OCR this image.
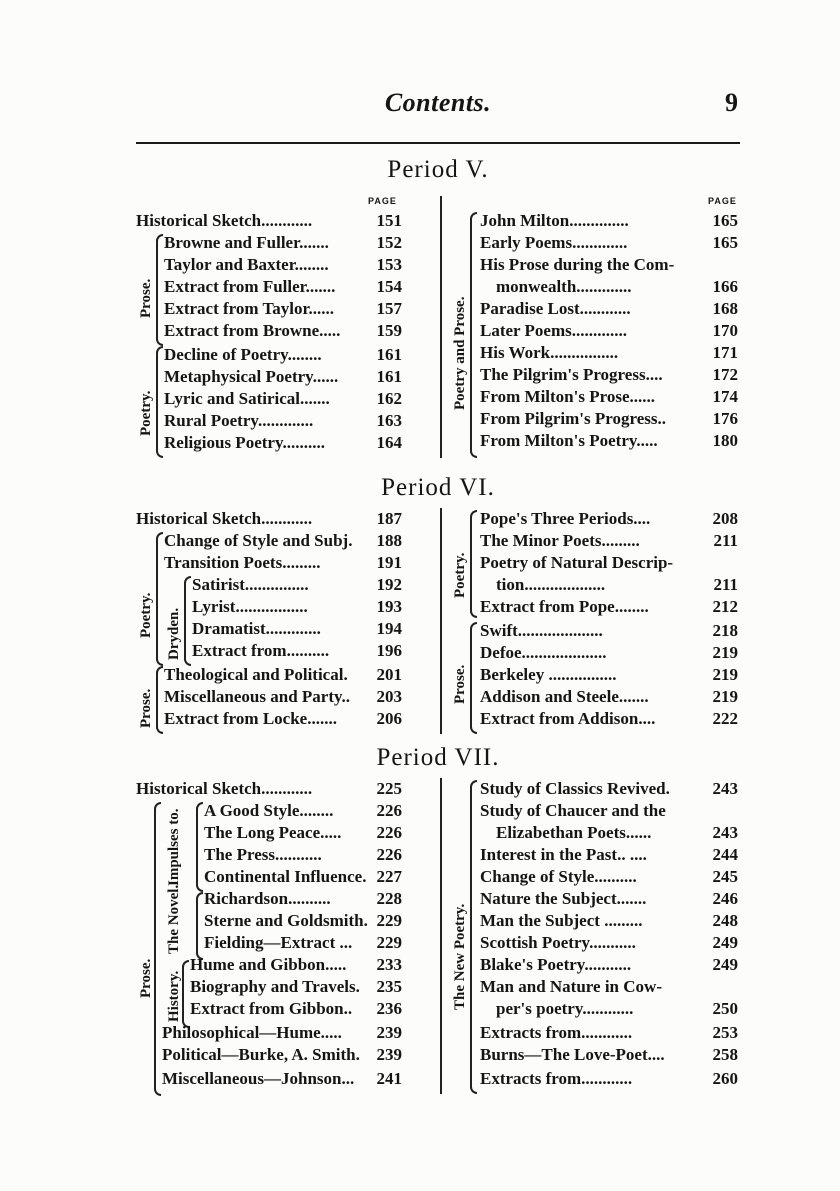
Contents.	9
Period V.
PAGE	PAGE
Historical Sketch............	151
Prose.
Browne and Fuller.......	152
Taylor and Baxter........	153
Extract from Fuller....... 154
Extract from Taylor......	157
Extract from Browne..... 159
Poetry.
Decline of Poetry........	161
Metaphysical Poetry...... 161
Lyric and Satirical.......	162
Rural Poetry.............	163
Religious Poetry..........	164
Poetry and Prose.
John Milton..............	165
Early Poems.............	165
His Prose during the Com-
monwealth.............	166
Paradise Lost............	168
Later Poems.............	170
His Work................	171
The Pilgrim's Progress....	172
From Milton's Prose......	174
From Pilgrim's Progress..	176
From Milton's Poetry.....	180
Period VI.
Historical Sketch............	187
Poetry.
Change of Style and Subj. 188
Transition Poets.........	191
Dryden.
Satirist...............	192
Lyrist.................	193
Dramatist.............	194
Extract from..........	196
Prose.
Theological and Political. 201
Miscellaneous and Party.. 203
Extract from Locke....... 206
Poetry.
Pope's Three Periods....	208
The Minor Poets.........	211
Poetry of Natural Descrip-
tion...................	211
Extract from Pope........	212
Prose.
Swift....................	218
Defoe....................	219
Berkeley ................	219
Addison and Steele.......	219
Extract from Addison....	222
Period VII.
Historical Sketch............	225
Prose.
Impulses to. A Good Style........	226
The Long Peace..... 226
The Press...........	226
Continental Influence. 227
The Novel. Richardson..........	228
Sterne and Goldsmith. 229
Fielding—Extract ... 229
History.
Hume and Gibbon..... 233
Biography and Travels. 235
Extract from Gibbon.. 236
Philosophical—Hume..... 239
Political—Burke, A. Smith. 239
Miscellaneous—Johnson... 241
The New Poetry.
Study of Classics Revived.	243
Study of Chaucer and the
Elizabethan Poets......	243
Interest in the Past.. ....	244
Change of Style..........	245
Nature the Subject.......	246
Man the Subject .........	248
Scottish Poetry...........	249
Blake's Poetry...........	249
Man and Nature in Cow-
per's poetry............	250
Extracts from............	253
Burns—The Love-Poet....	258
Extracts from............	260
